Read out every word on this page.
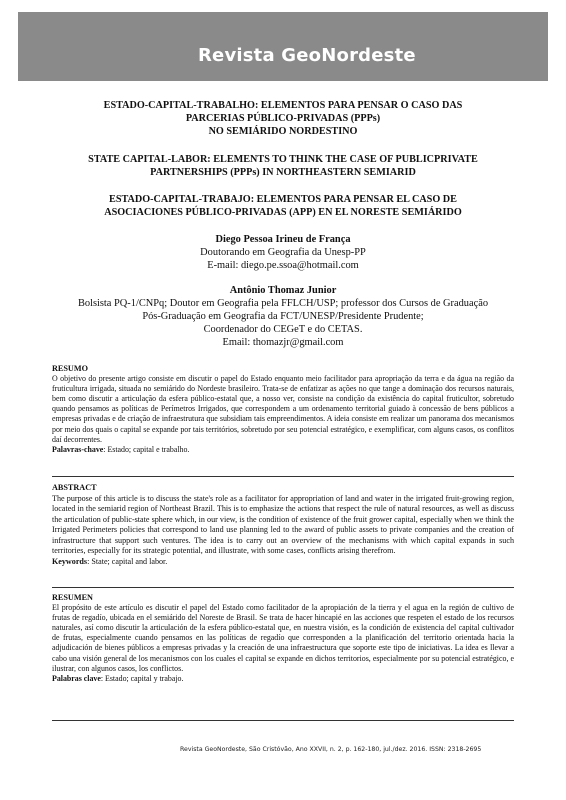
Revista GeoNordeste
ESTADO-CAPITAL-TRABALHO: ELEMENTOS PARA PENSAR O CASO DAS
PARCERIAS PÚBLICO-PRIVADAS (PPPs)
NO SEMIÁRIDO NORDESTINO
STATE CAPITAL-LABOR: ELEMENTS TO THINK THE CASE OF PUBLICPRIVATE
PARTNERSHIPS (PPPs) IN NORTHEASTERN SEMIARID
ESTADO-CAPITAL-TRABAJO: ELEMENTOS PARA PENSAR EL CASO DE
ASOCIACIONES PÚBLICO-PRIVADAS (APP) EN EL NORESTE SEMIÁRIDO
Diego Pessoa Irineu de França
Doutorando em Geografia da Unesp-PP
E-mail: diego.pe.ssoa@hotmail.com
Antônio Thomaz Junior
Bolsista PQ-1/CNPq; Doutor em Geografia pela FFLCH/USP; professor dos Cursos de Graduação
Pós-Graduação em Geografia da FCT/UNESP/Presidente Prudente;
Coordenador do CEGeT e do CETAS.
Email: thomazjr@gmail.com
RESUMO

O objetivo do presente artigo consiste em discutir o papel do Estado enquanto meio facilitador para apropriação da terra e da água na região da fruticultura irrigada, situada no semiárido do Nordeste brasileiro. Trata-se de enfatizar as ações no que tange a dominação dos recursos naturais, bem como discutir a articulação da esfera público-estatal que, a nosso ver, consiste na condição da existência do capital fruticultor, sobretudo quando pensamos as políticas de Perímetros Irrigados, que correspondem a um ordenamento territorial guiado à concessão de bens públicos a empresas privadas e de criação de infraestrutura que subsidiam tais empreendimentos. A ideia consiste em realizar um panorama dos mecanismos por meio dos quais o capital se expande por tais territórios, sobretudo por seu potencial estratégico, e exemplificar, com alguns casos, os conflitos daí decorrentes.

Palavras-chave: Estado; capital e trabalho.
ABSTRACT

The purpose of this article is to discuss the state's role as a facilitator for appropriation of land and water in the irrigated fruit-growing region, located in the semiarid region of Northeast Brazil. This is to emphasize the actions that respect the rule of natural resources, as well as discuss the articulation of public-state sphere which, in our view, is the condition of existence of the fruit grower capital, especially when we think the Irrigated Perimeters policies that correspond to land use planning led to the award of public assets to private companies and the creation of infrastructure that support such ventures. The idea is to carry out an overview of the mechanisms with which capital expands in such territories, especially for its strategic potential, and illustrate, with some cases, conflicts arising therefrom.

Keywords: State; capital and labor.
RESUMEN

El propósito de este artículo es discutir el papel del Estado como facilitador de la apropiación de la tierra y el agua en la región de cultivo de frutas de regadío, ubicada en el semiárido del Noreste de Brasil. Se trata de hacer hincapié en las acciones que respeten el estado de los recursos naturales, así como discutir la articulación de la esfera público-estatal que, en nuestra visión, es la condición de existencia del capital cultivador de frutas, especialmente cuando pensamos en las políticas de regadío que corresponden a la planificación del territorio orientada hacia la adjudicación de bienes públicos a empresas privadas y la creación de una infraestructura que soporte este tipo de iniciativas. La idea es llevar a cabo una visión general de los mecanismos con los cuales el capital se expande en dichos territorios, especialmente por su potencial estratégico, e ilustrar, con algunos casos, los conflictos.

Palabras clave: Estado; capital y trabajo.
Revista GeoNordeste, São Cristóvão, Ano XXVII, n. 2, p. 162-180, jul./dez. 2016. ISSN: 2318-2695
